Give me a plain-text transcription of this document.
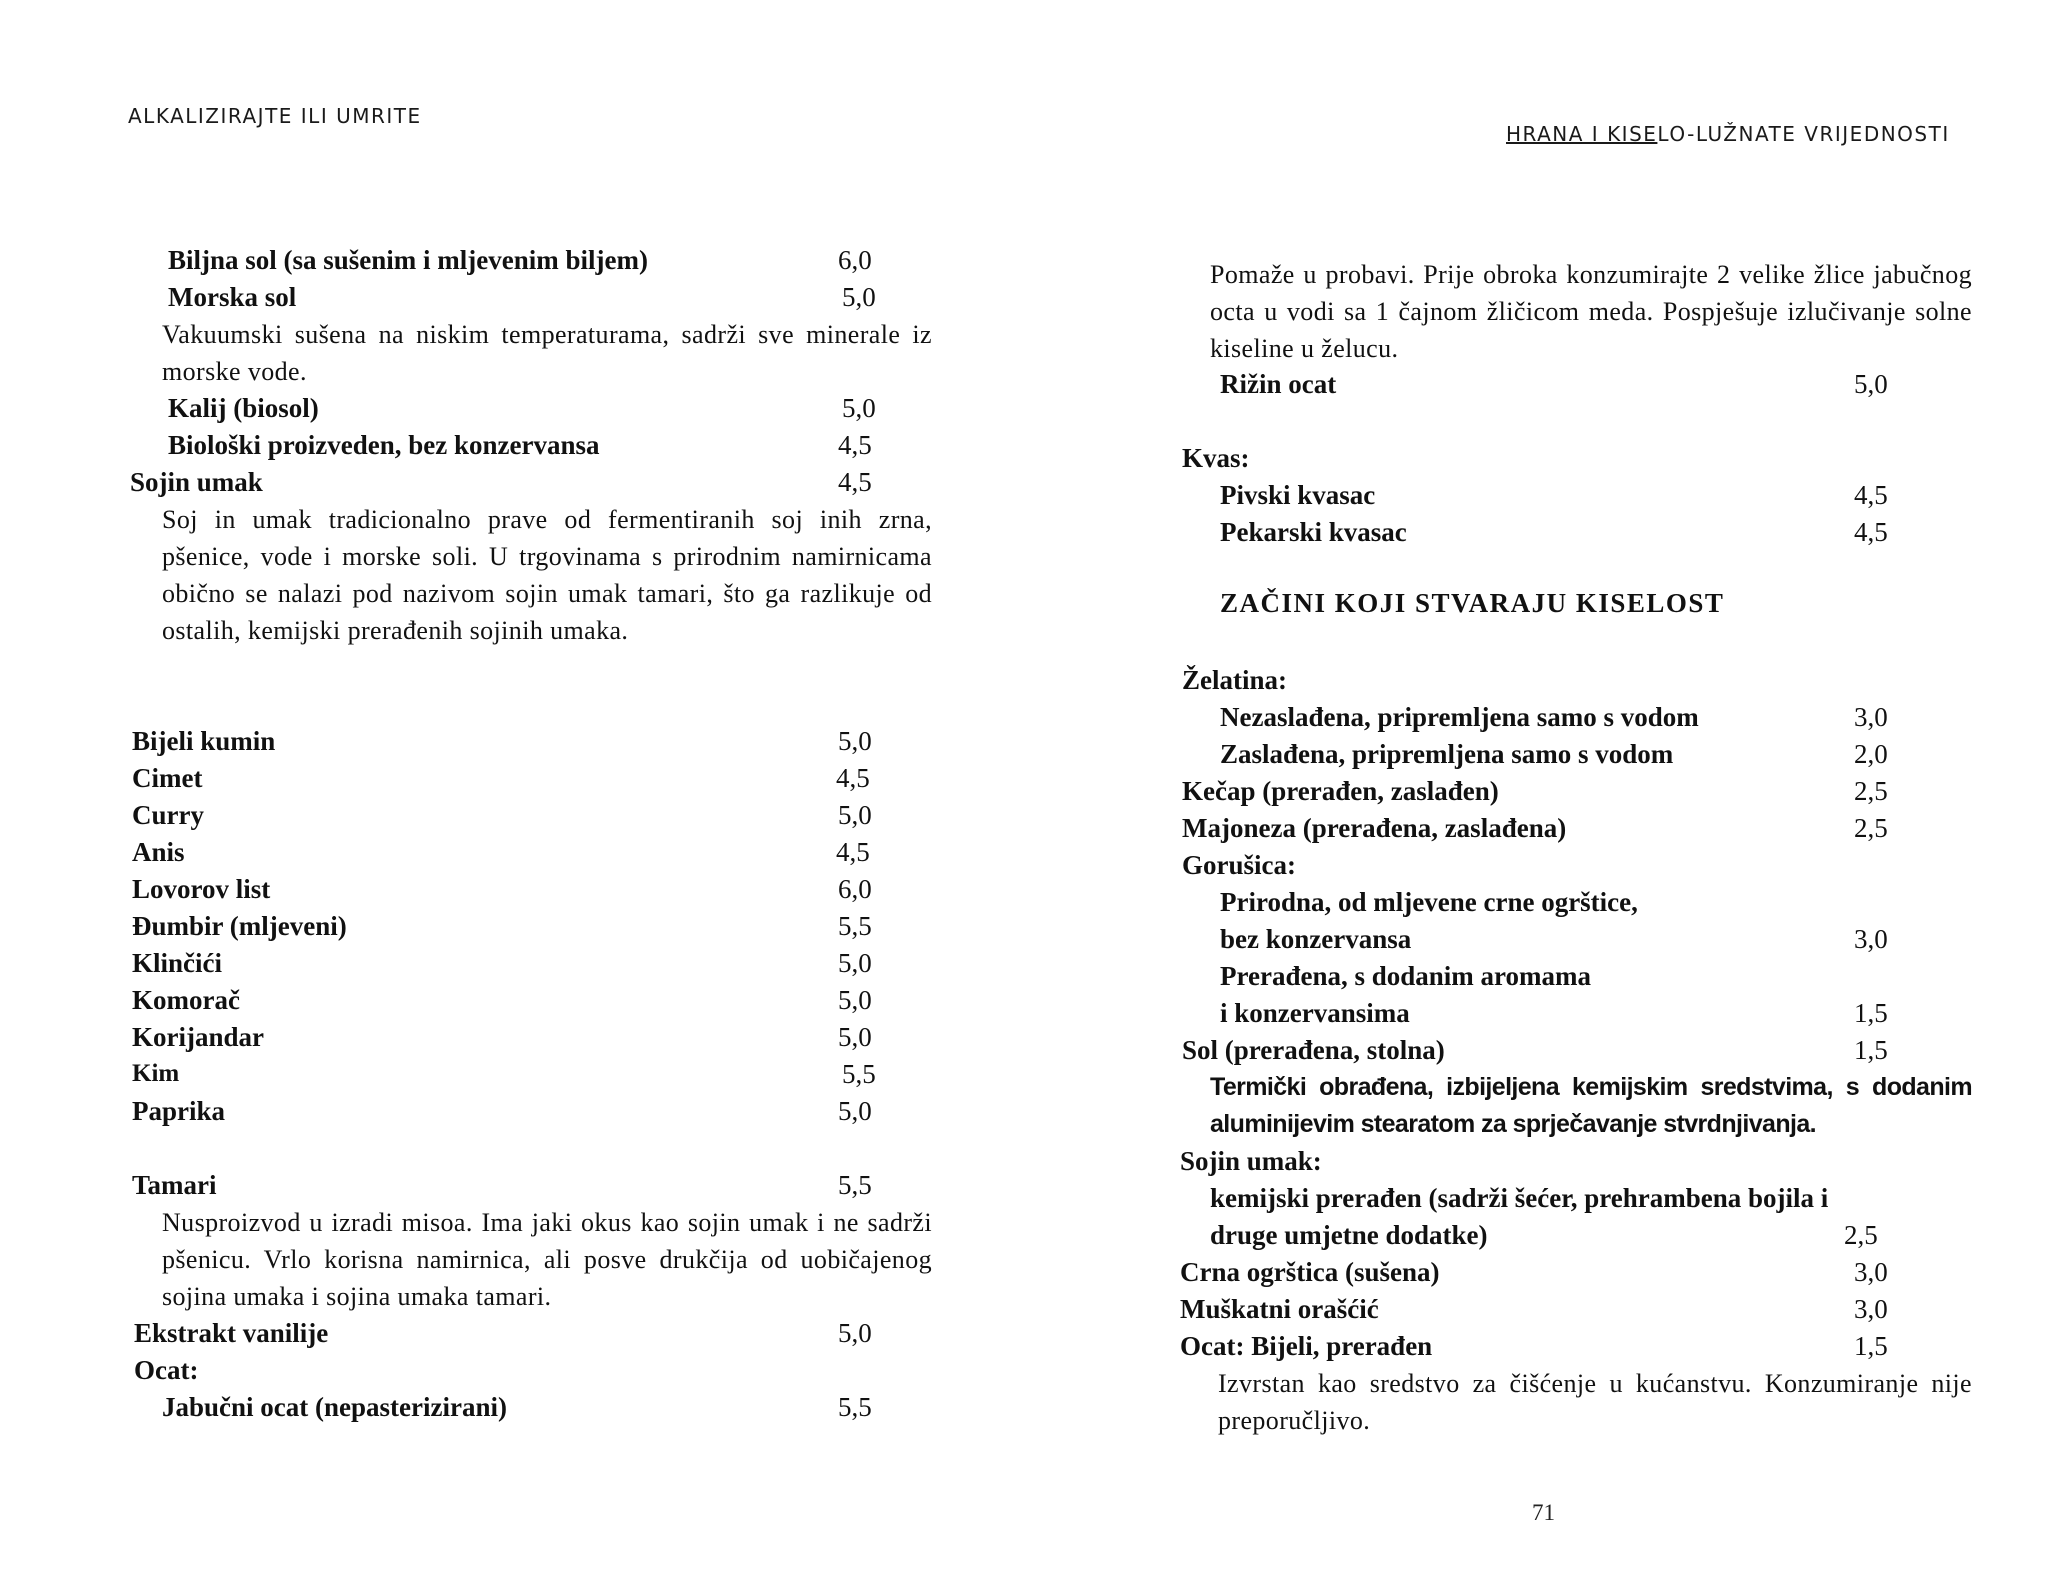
ALKALIZIRAJTE ILI UMRITE
HRANA I KISELO-LUŽNATE VRIJEDNOSTI
Biljna sol (sa sušenim i mljevenim biljem)	6,0
Morska sol	5,0
Vakuumski sušena na niskim temperaturama, sadrži sve minerale iz morske vode.
Kalij (biosol)	5,0
Biološki proizveden, bez konzervansa	4,5
Sojin umak	4,5
Soj in umak tradicionalno prave od fermentiranih soj inih zrna, pšenice, vode i morske soli. U trgovinama s prirodnim namirnicama obično se nalazi pod nazivom sojin umak tamari, što ga razlikuje od ostalih, kemijski prerađenih sojinih umaka.
Bijeli kumin	5,0
Cimet	4,5
Curry	5,0
Anis	4,5
Lovorov list	6,0
Đumbir (mljeveni)	5,5
Klinčići	5,0
Komorač	5,0
Korijandar	5,0
Kim	5,5
Paprika	5,0
Tamari	5,5
Nusproizvod u izradi misoa. Ima jaki okus kao sojin umak i ne sadrži pšenicu. Vrlo korisna namirnica, ali posve drukčija od uobičajenog sojina umaka i sojina umaka tamari.
Ekstrakt vanilije	5,0
Ocat:
Jabučni ocat (nepasterizirani)	5,5
Pomaže u probavi. Prije obroka konzumirajte 2 velike žlice jabučnog octa u vodi sa 1 čajnom žličicom meda. Pospješuje izlučivanje solne kiseline u želucu.
Rižin ocat	5,0
Kvas:
Pivski kvasac	4,5
Pekarski kvasac	4,5
ZAČINI KOJI STVARAJU KISELOST
Želatina:
Nezaslađena, pripremljena samo s vodom	3,0
Zaslađena, pripremljena samo s vodom	2,0
Kečap (prerađen, zaslađen)	2,5
Majoneza (prerađena, zaslađena)	2,5
Gorušica:
Prirodna, od mljevene crne ogrštice,
bez konzervansa	3,0
Prerađena, s dodanim aromama
i konzervansima	1,5
Sol (prerađena, stolna)	1,5
Termički obrađena, izbijeljena kemijskim sredstvima, s dodanim aluminijevim stearatom za sprječavanje stvrdnjivanja.
Sojin umak:
kemijski prerađen (sadrži šećer, prehrambena bojila i
druge umjetne dodatke)	2,5
Crna ogrštica (sušena)	3,0
Muškatni orašćić	3,0
Ocat: Bijeli, prerađen	1,5
Izvrstan kao sredstvo za čišćenje u kućanstvu. Konzumiranje nije preporučljivo.
71
